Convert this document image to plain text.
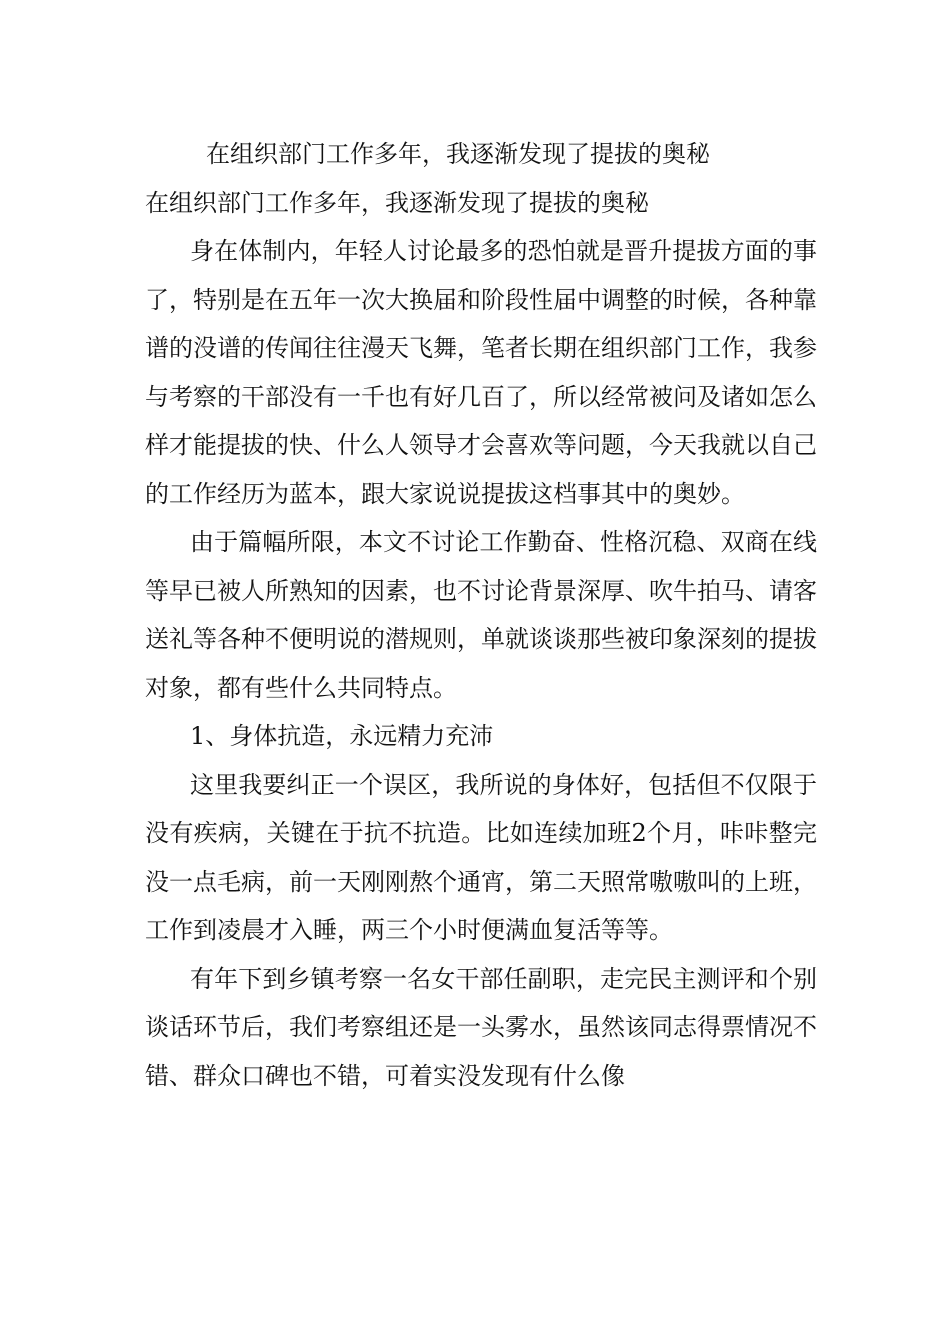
在组织部门工作多年，我逐渐发现了提拔的奥秘

在组织部门工作多年，我逐渐发现了提拔的奥秘

身在体制内，年轻人讨论最多的恐怕就是晋升提拔方面的事了，特别是在五年一次大换届和阶段性届中调整的时候，各种靠谱的没谱的传闻往往漫天飞舞，笔者长期在组织部门工作，我参与考察的干部没有一千也有好几百了，所以经常被问及诸如怎么样才能提拔的快、什么人领导才会喜欢等问题，今天我就以自己的工作经历为蓝本，跟大家说说提拔这档事其中的奥妙。

由于篇幅所限，本文不讨论工作勤奋、性格沉稳、双商在线等早已被人所熟知的因素，也不讨论背景深厚、吹牛拍马、请客送礼等各种不便明说的潜规则，单就谈谈那些被印象深刻的提拔对象，都有些什么共同特点。

1、身体抗造，永远精力充沛

这里我要纠正一个误区，我所说的身体好，包括但不仅限于没有疾病，关键在于抗不抗造。比如连续加班2个月，咔咔整完没一点毛病，前一天刚刚熬个通宵，第二天照常嗷嗷叫的上班，工作到凌晨才入睡，两三个小时便满血复活等等。

有年下到乡镇考察一名女干部任副职，走完民主测评和个别谈话环节后，我们考察组还是一头雾水，虽然该同志得票情况不错、群众口碑也不错，可着实没发现有什么像
